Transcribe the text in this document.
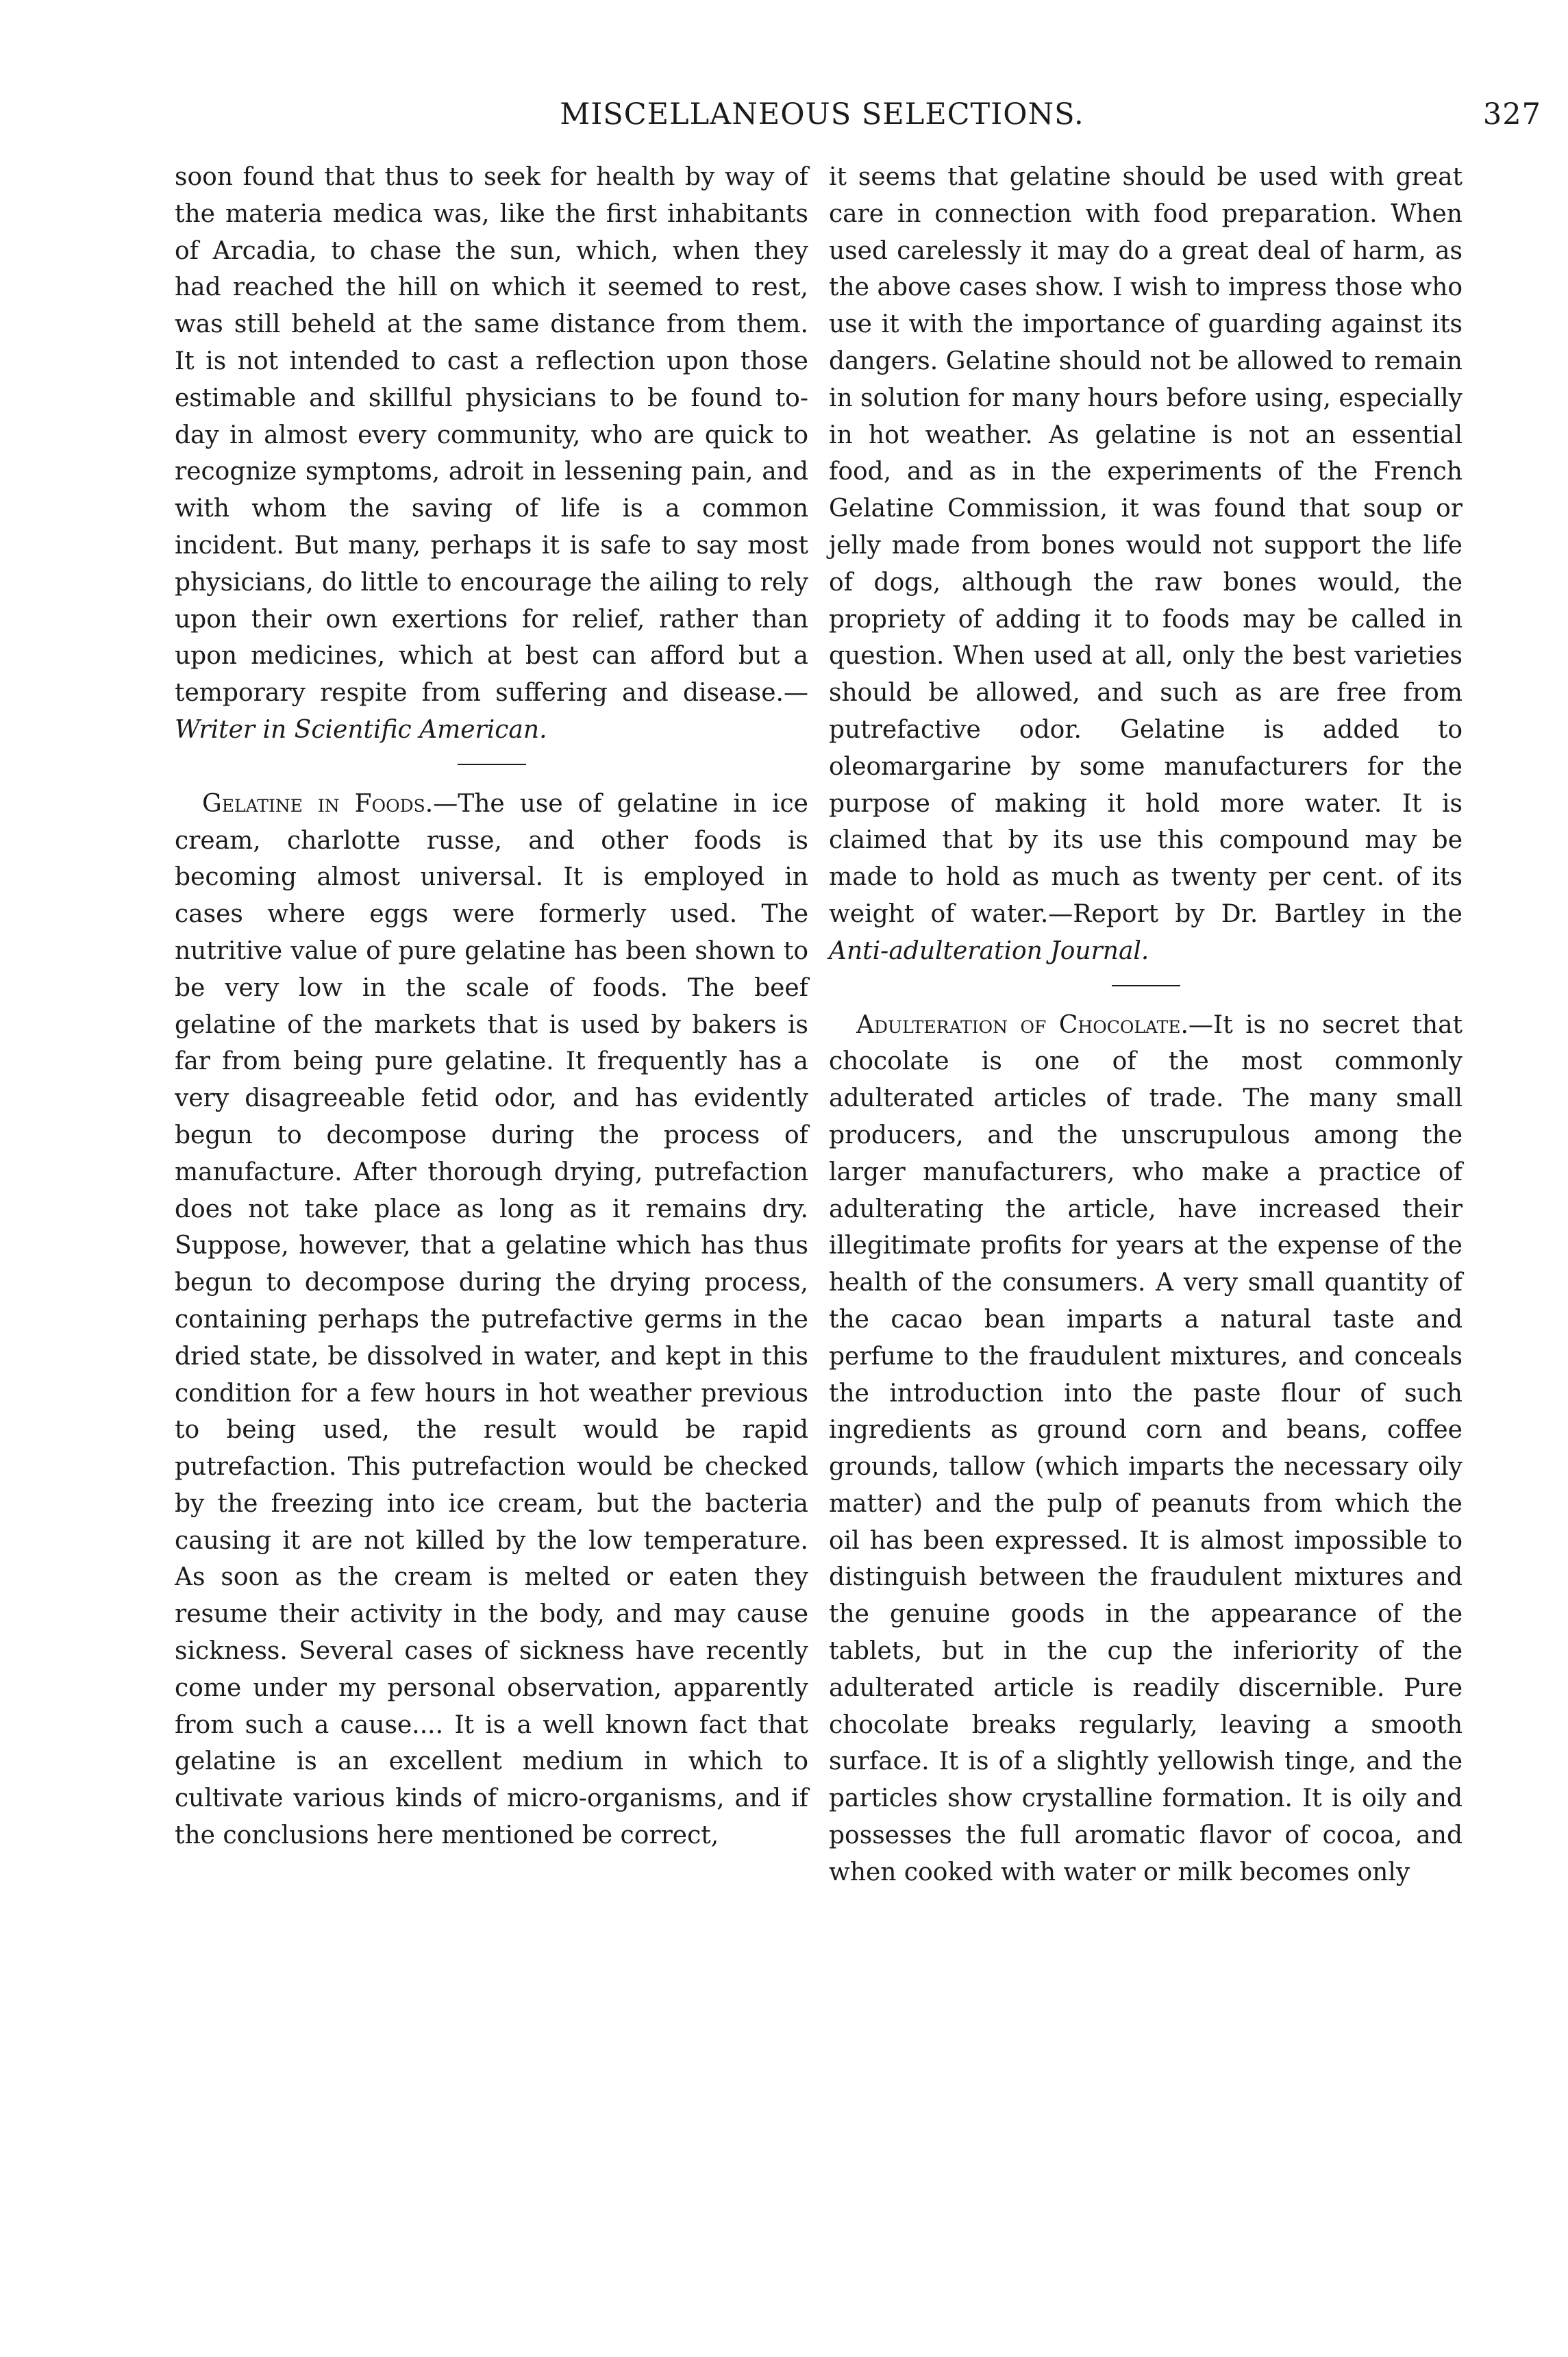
MISCELLANEOUS SELECTIONS.	327

soon found that thus to seek for health by way of the materia medica was, like the first inhabitants of Arcadia, to chase the sun, which, when they had reached the hill on which it seemed to rest, was still beheld at the same distance from them. It is not intended to cast a reflection upon those estimable and skillful physicians to be found to-day in almost every community, who are quick to recognize symptoms, adroit in lessening pain, and with whom the saving of life is a common incident. But many, perhaps it is safe to say most physicians, do little to encourage the ailing to rely upon their own exertions for relief, rather than upon medicines, which at best can afford but a temporary respite from suffering and disease.—Writer in Scientific American.

Gelatine in Foods.—The use of gelatine in ice cream, charlotte russe, and other foods is becoming almost universal. It is employed in cases where eggs were formerly used. The nutritive value of pure gelatine has been shown to be very low in the scale of foods. The beef gelatine of the markets that is used by bakers is far from being pure gelatine. It frequently has a very disagreeable fetid odor, and has evidently begun to decompose during the process of manufacture. After thorough drying, putrefaction does not take place as long as it remains dry. Suppose, however, that a gelatine which has thus begun to decompose during the drying process, containing perhaps the putrefactive germs in the dried state, be dissolved in water, and kept in this condition for a few hours in hot weather previous to being used, the result would be rapid putrefaction. This putrefaction would be checked by the freezing into ice cream, but the bacteria causing it are not killed by the low temperature. As soon as the cream is melted or eaten they resume their activity in the body, and may cause sickness. Several cases of sickness have recently come under my personal observation, apparently from such a cause.... It is a well known fact that gelatine is an excellent medium in which to cultivate various kinds of micro-organisms, and if the conclusions here mentioned be correct,

it seems that gelatine should be used with great care in connection with food preparation. When used carelessly it may do a great deal of harm, as the above cases show. I wish to impress those who use it with the importance of guarding against its dangers. Gelatine should not be allowed to remain in solution for many hours before using, especially in hot weather. As gelatine is not an essential food, and as in the experiments of the French Gelatine Commission, it was found that soup or jelly made from bones would not support the life of dogs, although the raw bones would, the propriety of adding it to foods may be called in question. When used at all, only the best varieties should be allowed, and such as are free from putrefactive odor. Gelatine is added to oleomargarine by some manufacturers for the purpose of making it hold more water. It is claimed that by its use this compound may be made to hold as much as twenty per cent. of its weight of water.—Report by Dr. Bartley in the Anti-adulteration Journal.

Adulteration of Chocolate.—It is no secret that chocolate is one of the most commonly adulterated articles of trade. The many small producers, and the unscrupulous among the larger manufacturers, who make a practice of adulterating the article, have increased their illegitimate profits for years at the expense of the health of the consumers. A very small quantity of the cacao bean imparts a natural taste and perfume to the fraudulent mixtures, and conceals the introduction into the paste flour of such ingredients as ground corn and beans, coffee grounds, tallow (which imparts the necessary oily matter) and the pulp of peanuts from which the oil has been expressed. It is almost impossible to distinguish between the fraudulent mixtures and the genuine goods in the appearance of the tablets, but in the cup the inferiority of the adulterated article is readily discernible. Pure chocolate breaks regularly, leaving a smooth surface. It is of a slightly yellowish tinge, and the particles show crystalline formation. It is oily and possesses the full aromatic flavor of cocoa, and when cooked with water or milk becomes only
